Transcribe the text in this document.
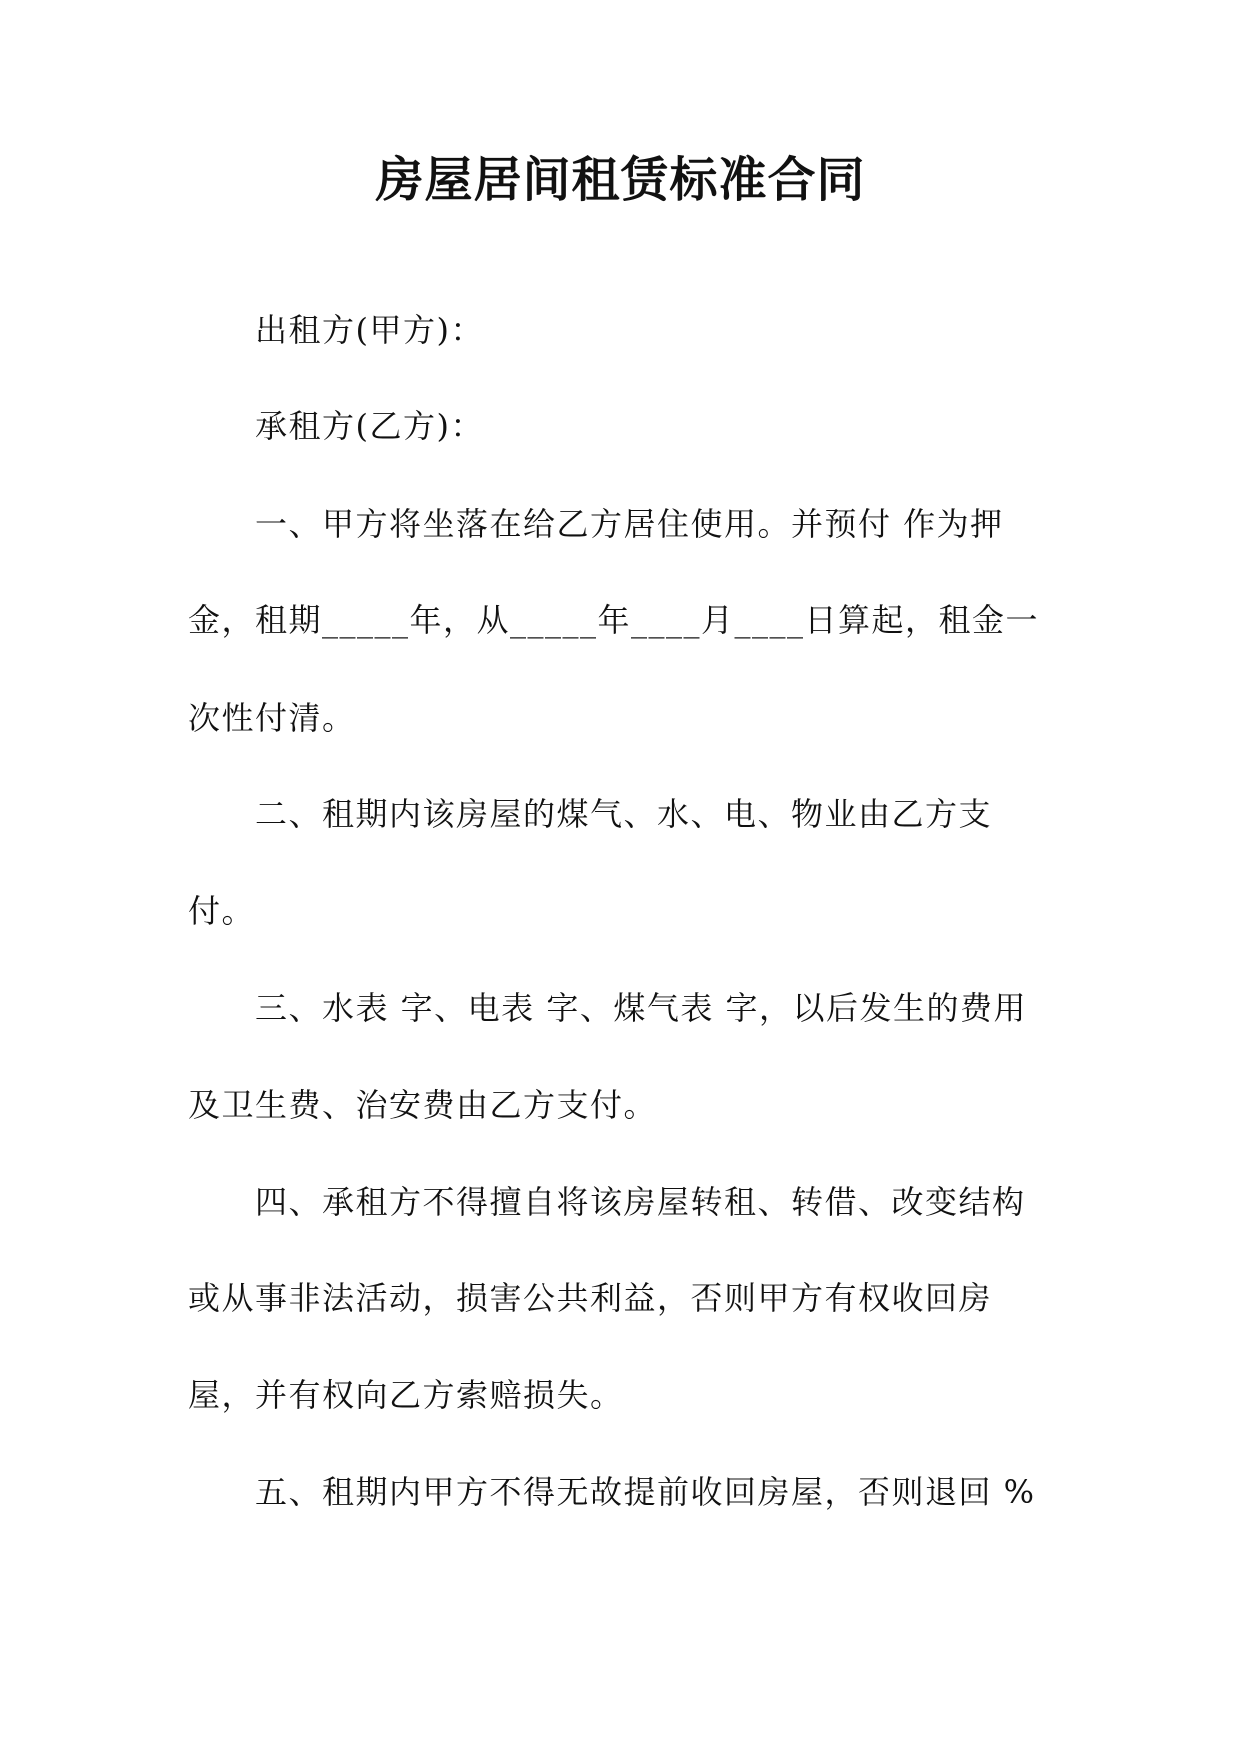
房屋居间租赁标准合同
出租方(甲方)：
承租方(乙方)：
一、甲方将坐落在给乙方居住使用。并预付 作为押
金，租期_____年，从_____年____月____日算起，租金一
次性付清。
二、租期内该房屋的煤气、水、电、物业由乙方支
付。
三、水表 字、电表 字、煤气表 字，以后发生的费用
及卫生费、治安费由乙方支付。
四、承租方不得擅自将该房屋转租、转借、改变结构
或从事非法活动，损害公共利益，否则甲方有权收回房
屋，并有权向乙方索赔损失。
五、租期内甲方不得无故提前收回房屋，否则退回 %
